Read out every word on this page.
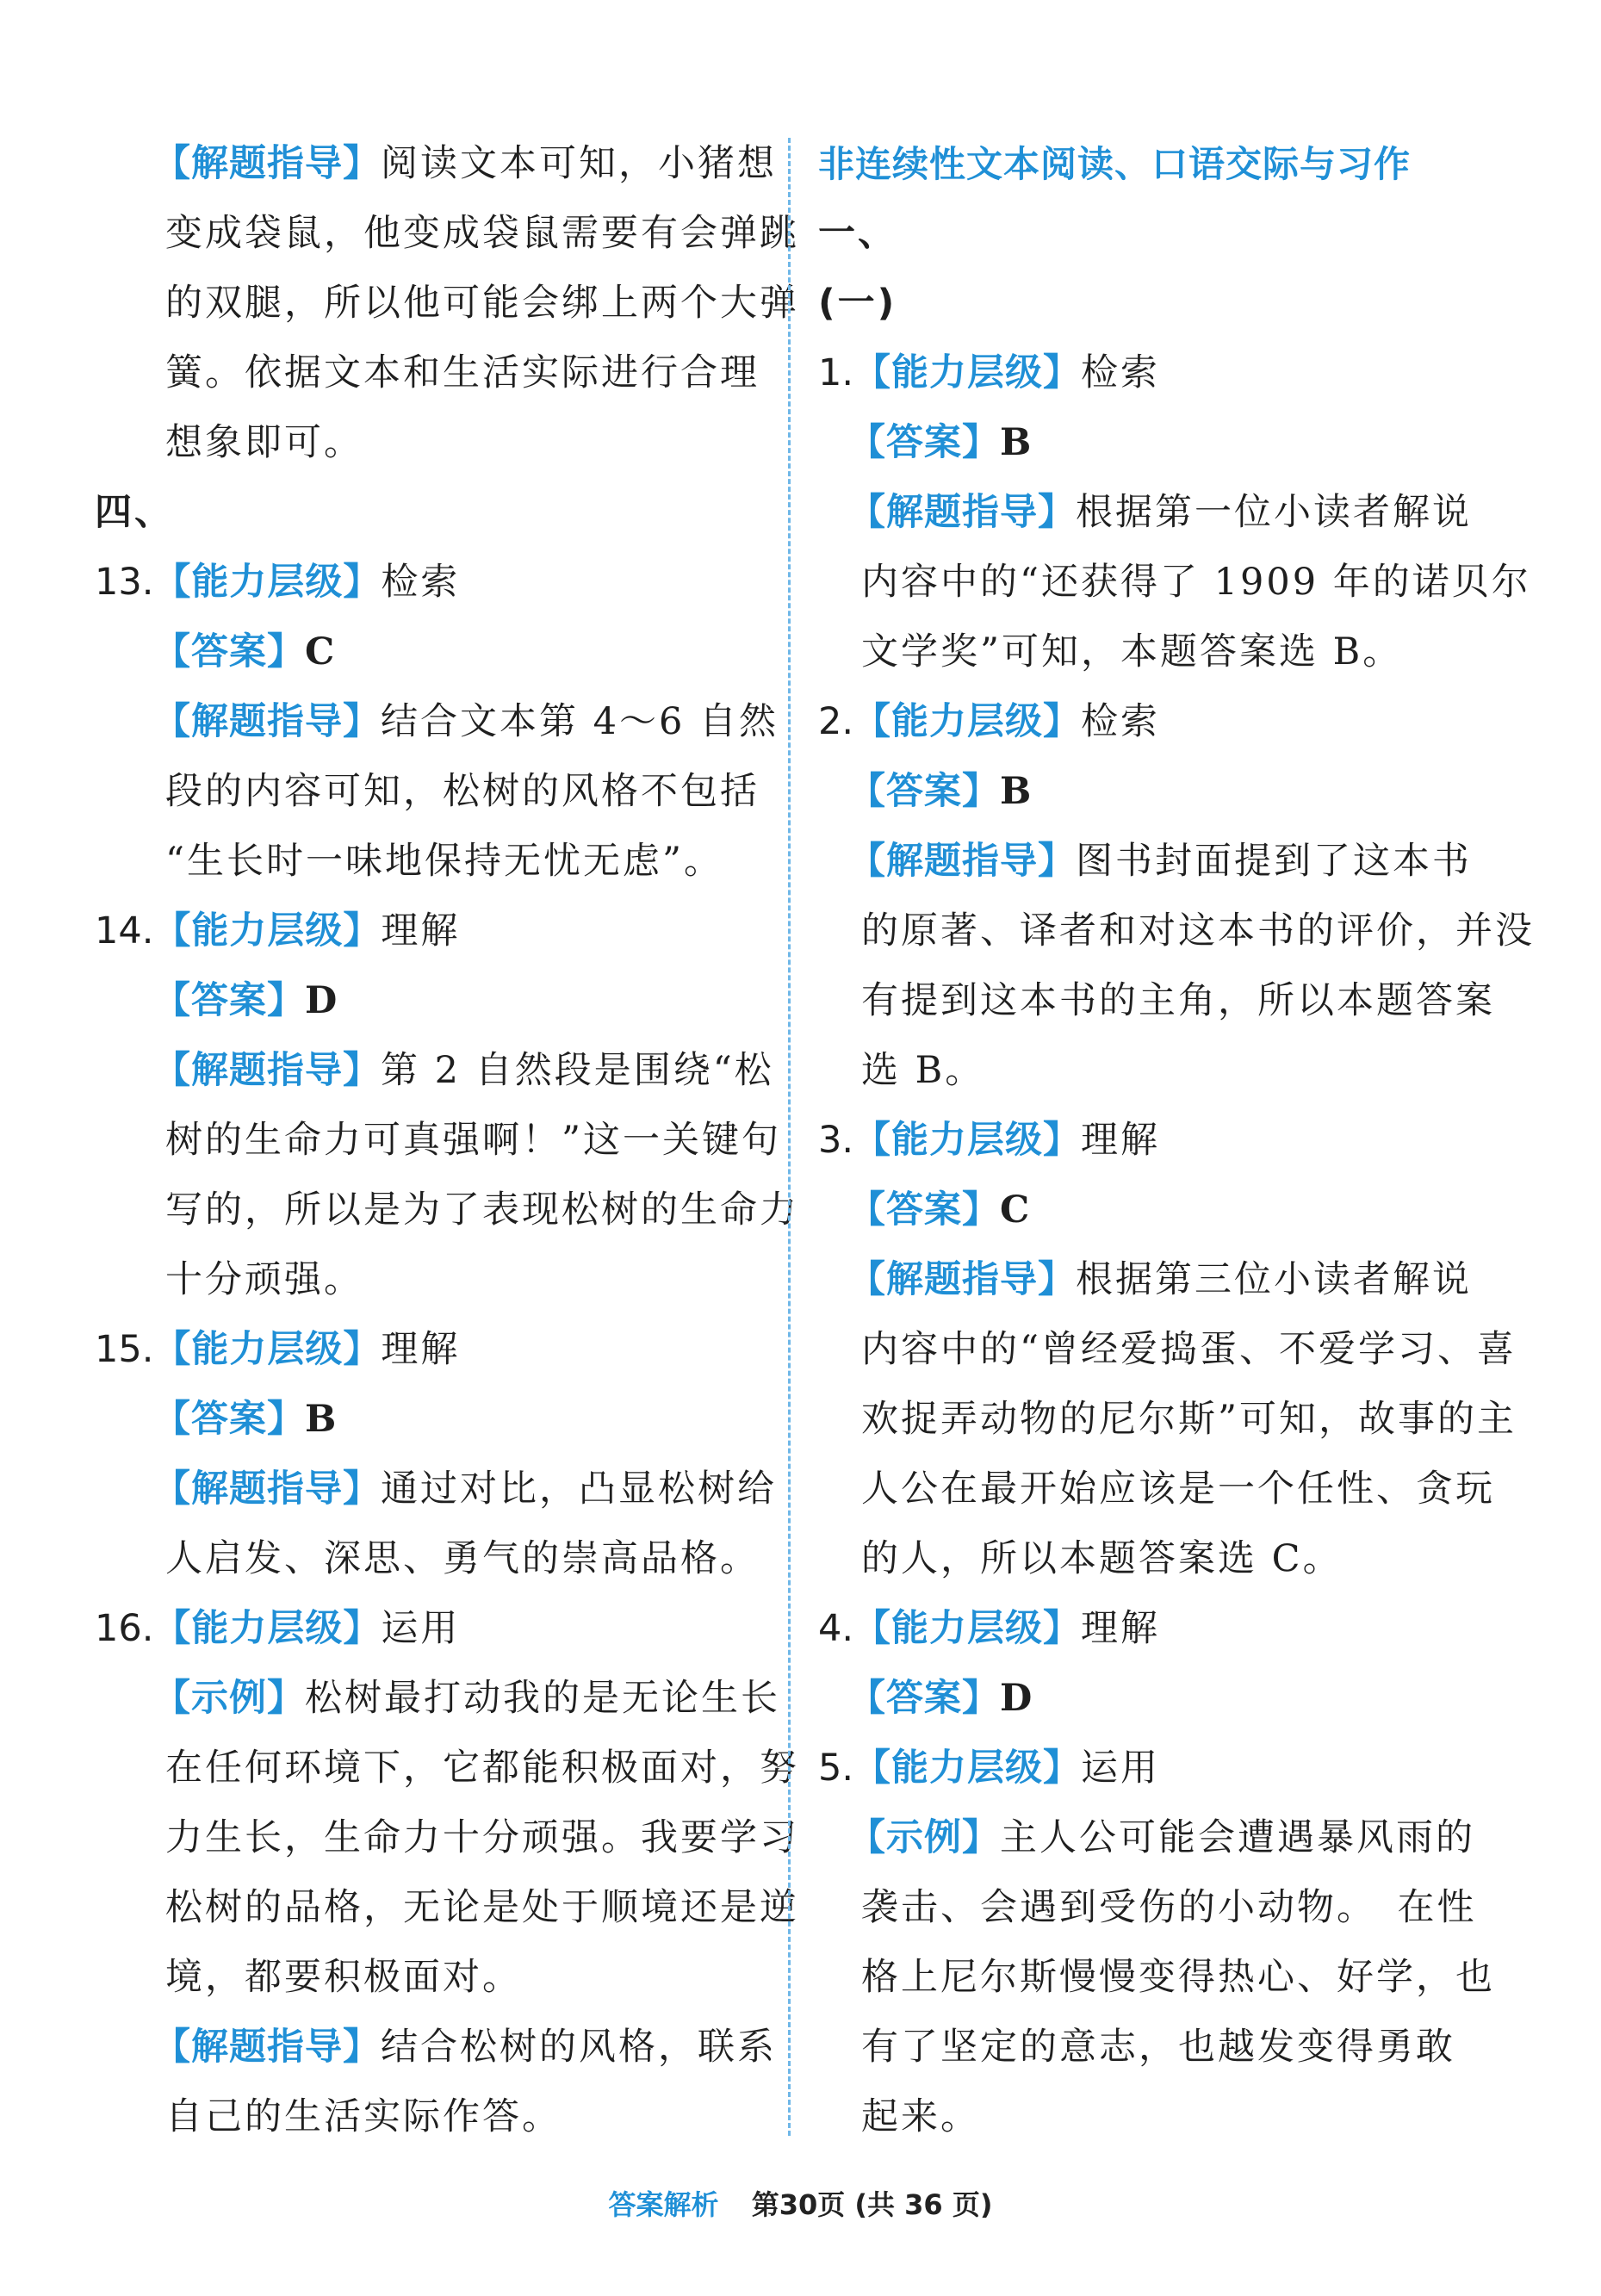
【解题指导】阅读文本可知，小猪想
变成袋鼠，他变成袋鼠需要有会弹跳
的双腿，所以他可能会绑上两个大弹
簧。依据文本和生活实际进行合理
想象即可。
四、
13.【能力层级】检索
【答案】C
【解题指导】结合文本第 4～6 自然
段的内容可知，松树的风格不包括
“生长时一味地保持无忧无虑”。
14.【能力层级】理解
【答案】D
【解题指导】第 2 自然段是围绕“松
树的生命力可真强啊！”这一关键句
写的，所以是为了表现松树的生命力
十分顽强。
15.【能力层级】理解
【答案】B
【解题指导】通过对比，凸显松树给
人启发、深思、勇气的崇高品格。
16.【能力层级】运用
【示例】松树最打动我的是无论生长
在任何环境下，它都能积极面对，努
力生长，生命力十分顽强。我要学习
松树的品格，无论是处于顺境还是逆
境，都要积极面对。
【解题指导】结合松树的风格，联系
自己的生活实际作答。
非连续性文本阅读、口语交际与习作
一、
(一)
1.【能力层级】检索
【答案】B
【解题指导】根据第一位小读者解说
内容中的“还获得了 1909 年的诺贝尔
文学奖”可知，本题答案选 B。
2.【能力层级】检索
【答案】B
【解题指导】图书封面提到了这本书
的原著、译者和对这本书的评价，并没
有提到这本书的主角，所以本题答案
选 B。
3.【能力层级】理解
【答案】C
【解题指导】根据第三位小读者解说
内容中的“曾经爱捣蛋、不爱学习、喜
欢捉弄动物的尼尔斯”可知，故事的主
人公在最开始应该是一个任性、贪玩
的人，所以本题答案选 C。
4.【能力层级】理解
【答案】D
5.【能力层级】运用
【示例】主人公可能会遭遇暴风雨的
袭击、会遇到受伤的小动物。　在性
格上尼尔斯慢慢变得热心、好学，也
有了坚定的意志，也越发变得勇敢
起来。
答案解析 第30页 (共 36 页)
